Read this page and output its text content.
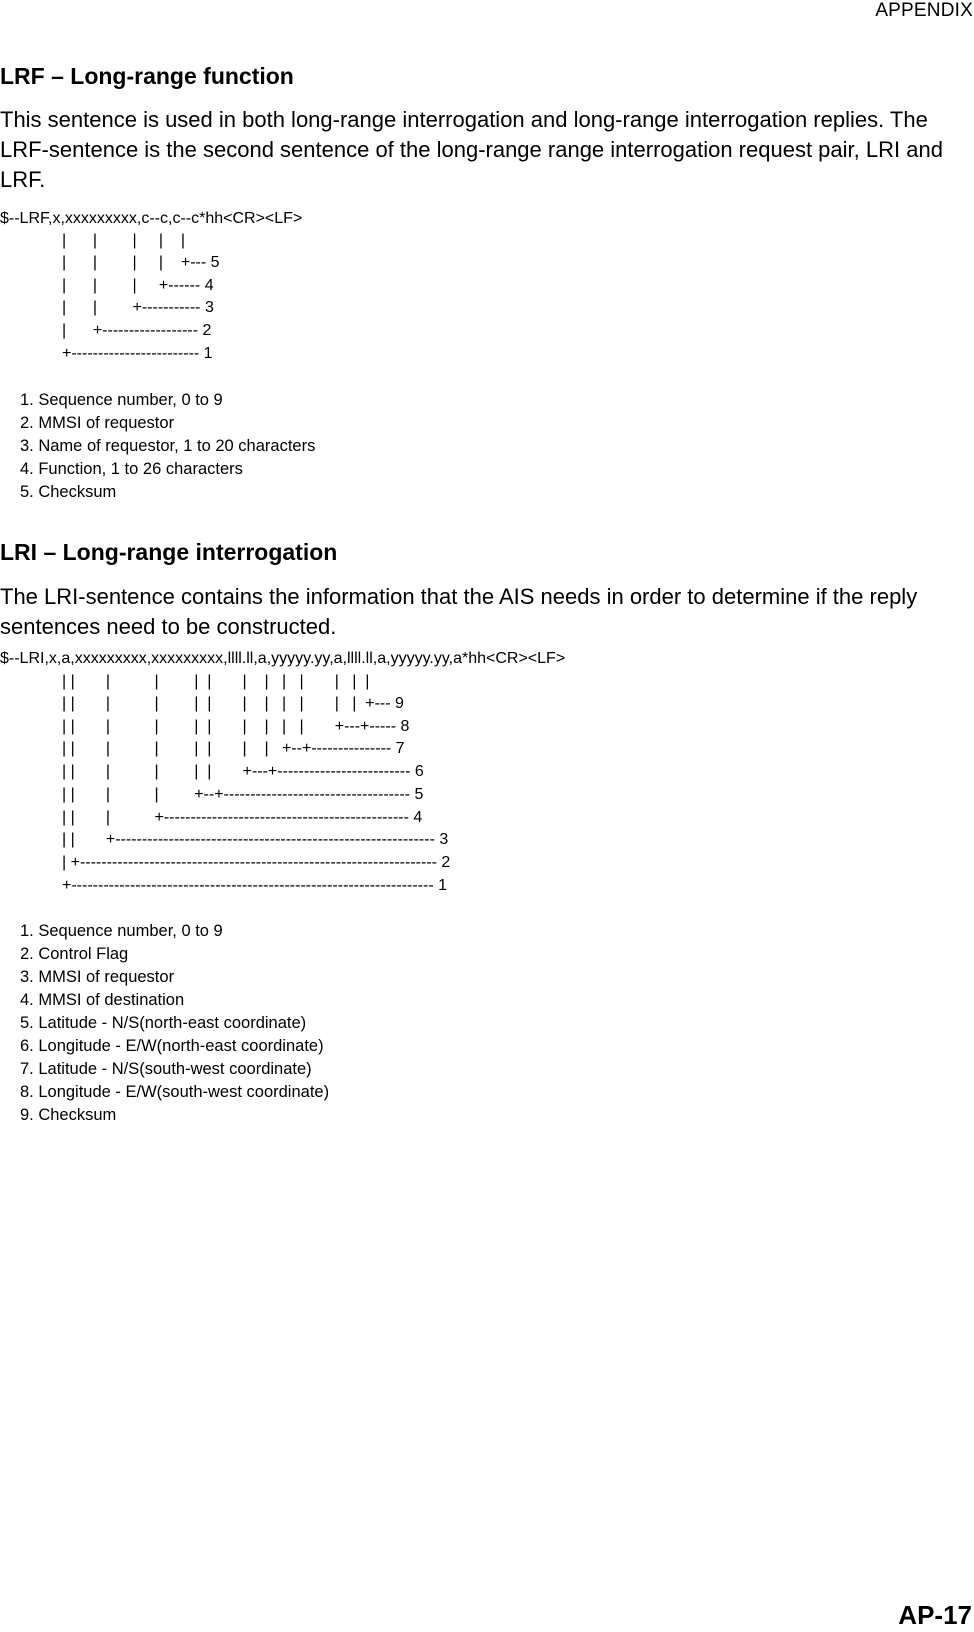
APPENDIX
LRF – Long-range function
This sentence is used in both long-range interrogation and long-range interrogation replies. The LRF-sentence is the second sentence of the long-range range interrogation request pair, LRI and LRF.
$--LRF,x,xxxxxxxxx,c--c,c--c*hh<CR><LF>
|      |        |     |    |
|      |        |     |    +--- 5
|      |        |     +------ 4
|      |        +----------- 3
|      +------------------ 2
+------------------------ 1
1. Sequence number, 0 to 9
2. MMSI of requestor
3. Name of requestor, 1 to 20 characters
4. Function, 1 to 26 characters
5. Checksum
LRI – Long-range interrogation
The LRI-sentence contains the information that the AIS needs in order to determine if the reply sentences need to be constructed.
$--LRI,x,a,xxxxxxxxx,xxxxxxxxx,llll.ll,a,yyyyy.yy,a,llll.ll,a,yyyyy.yy,a*hh<CR><LF>
| |       |          |        |  |       |    |   |   |       |   |  |
| |       |          |        |  |       |    |   |   |       |   |  +--- 9
| |       |          |        |  |       |    |   |   |       +---+----- 8
| |       |          |        |  |       |    |   +--+--------------- 7
| |       |          |        |  |       +---+------------------------- 6
| |       |          |        +--+----------------------------------- 5
| |       |          +---------------------------------------------- 4
| |       +------------------------------------------------------------ 3
| +------------------------------------------------------------------- 2
+-------------------------------------------------------------------- 1
1. Sequence number, 0 to 9
2. Control Flag
3. MMSI of requestor
4. MMSI of destination
5. Latitude - N/S(north-east coordinate)
6. Longitude - E/W(north-east coordinate)
7. Latitude - N/S(south-west coordinate)
8. Longitude - E/W(south-west coordinate)
9. Checksum
AP-17
